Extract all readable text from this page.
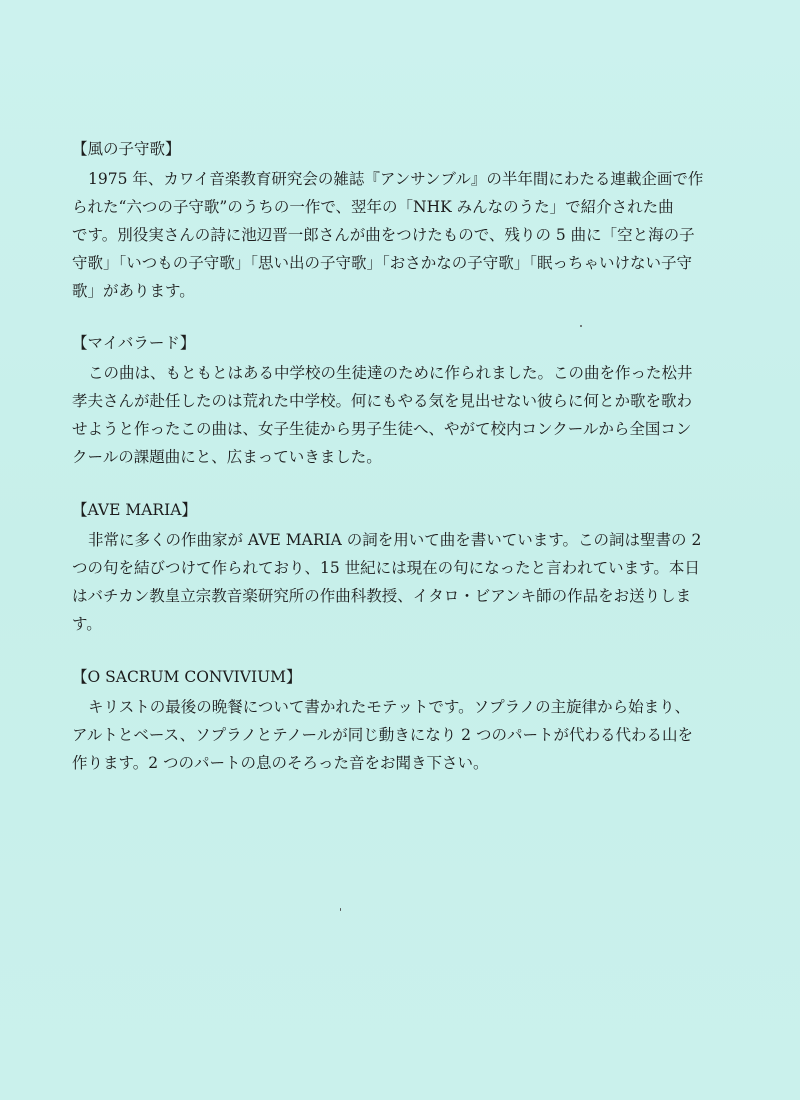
【風の子守歌】

1975 年、カワイ音楽教育研究会の雑誌『アンサンブル』の半年間にわたる連載企画で作

られた“六つの子守歌”のうちの一作で、翌年の「NHK みんなのうた」で紹介された曲

です。別役実さんの詩に池辺晋一郎さんが曲をつけたもので、残りの 5 曲に「空と海の子

守歌」「いつもの子守歌」「思い出の子守歌」「おさかなの子守歌」「眠っちゃいけない子守

歌」があります。

【マイバラード】

この曲は、もともとはある中学校の生徒達のために作られました。この曲を作った松井

孝夫さんが赴任したのは荒れた中学校。何にもやる気を見出せない彼らに何とか歌を歌わ

せようと作ったこの曲は、女子生徒から男子生徒へ、やがて校内コンクールから全国コン

クールの課題曲にと、広まっていきました。

【AVE MARIA】

非常に多くの作曲家が AVE MARIA の詞を用いて曲を書いています。この詞は聖書の 2

つの句を結びつけて作られており、15 世紀には現在の句になったと言われています。本日

はバチカン教皇立宗教音楽研究所の作曲科教授、イタロ・ビアンキ師の作品をお送りしま

す。

【O SACRUM CONVIVIUM】

キリストの最後の晩餐について書かれたモテットです。ソプラノの主旋律から始まり、

アルトとベース、ソプラノとテノールが同じ動きになり 2 つのパートが代わる代わる山を

作ります。2 つのパートの息のそろった音をお聞き下さい。
